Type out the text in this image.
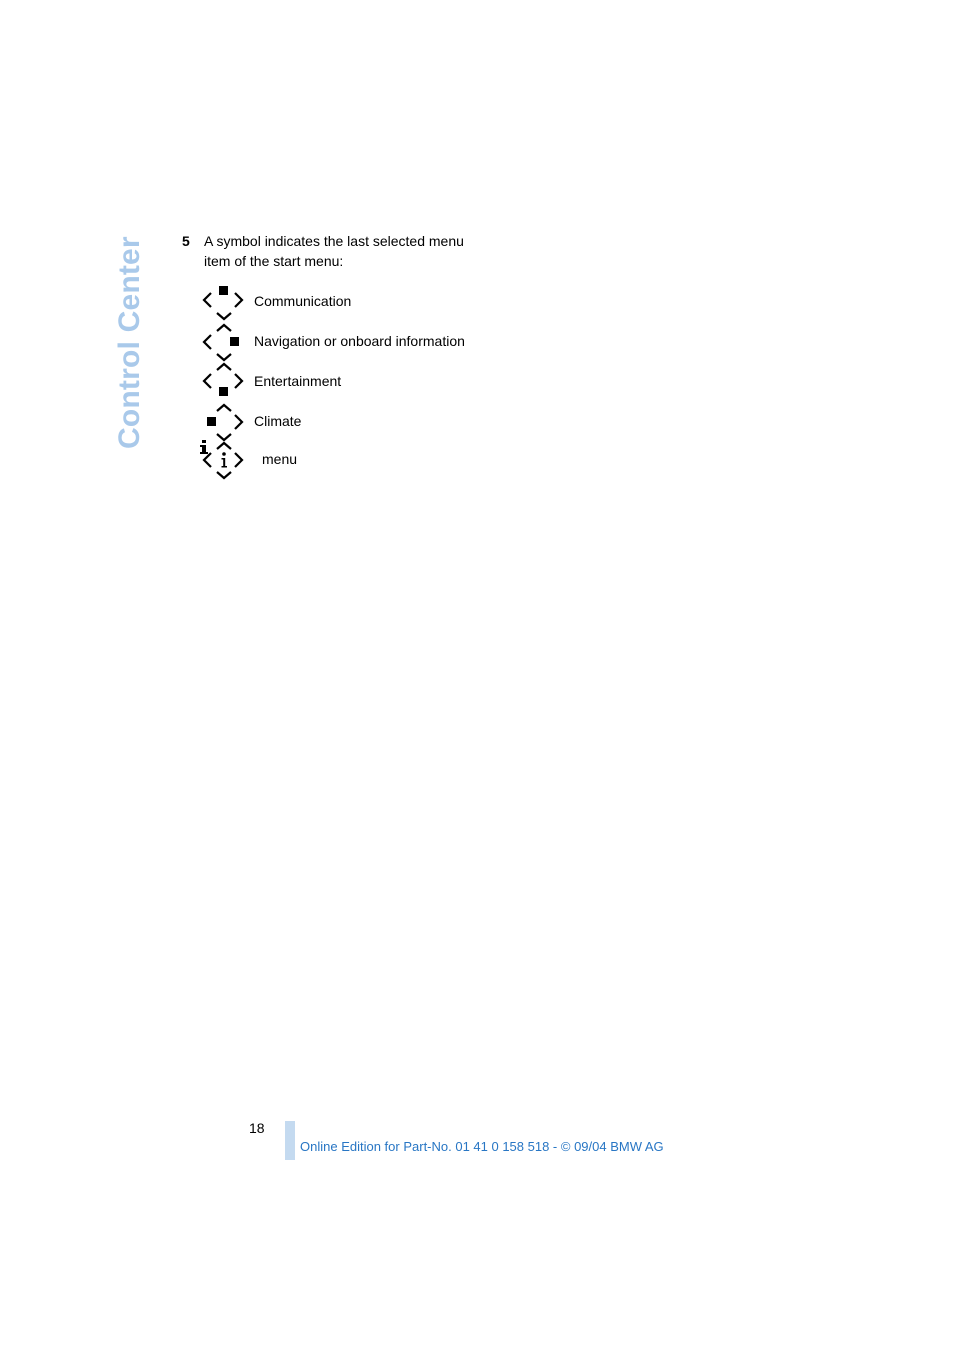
Control Center	5 A symbol indicates the last selected menu item of the start menu:
Communication
Navigation or onboard information
Entertainment
Climate
menu
18
Online Edition for Part-No. 01 41 0 158 518 - © 09/04 BMW AG
